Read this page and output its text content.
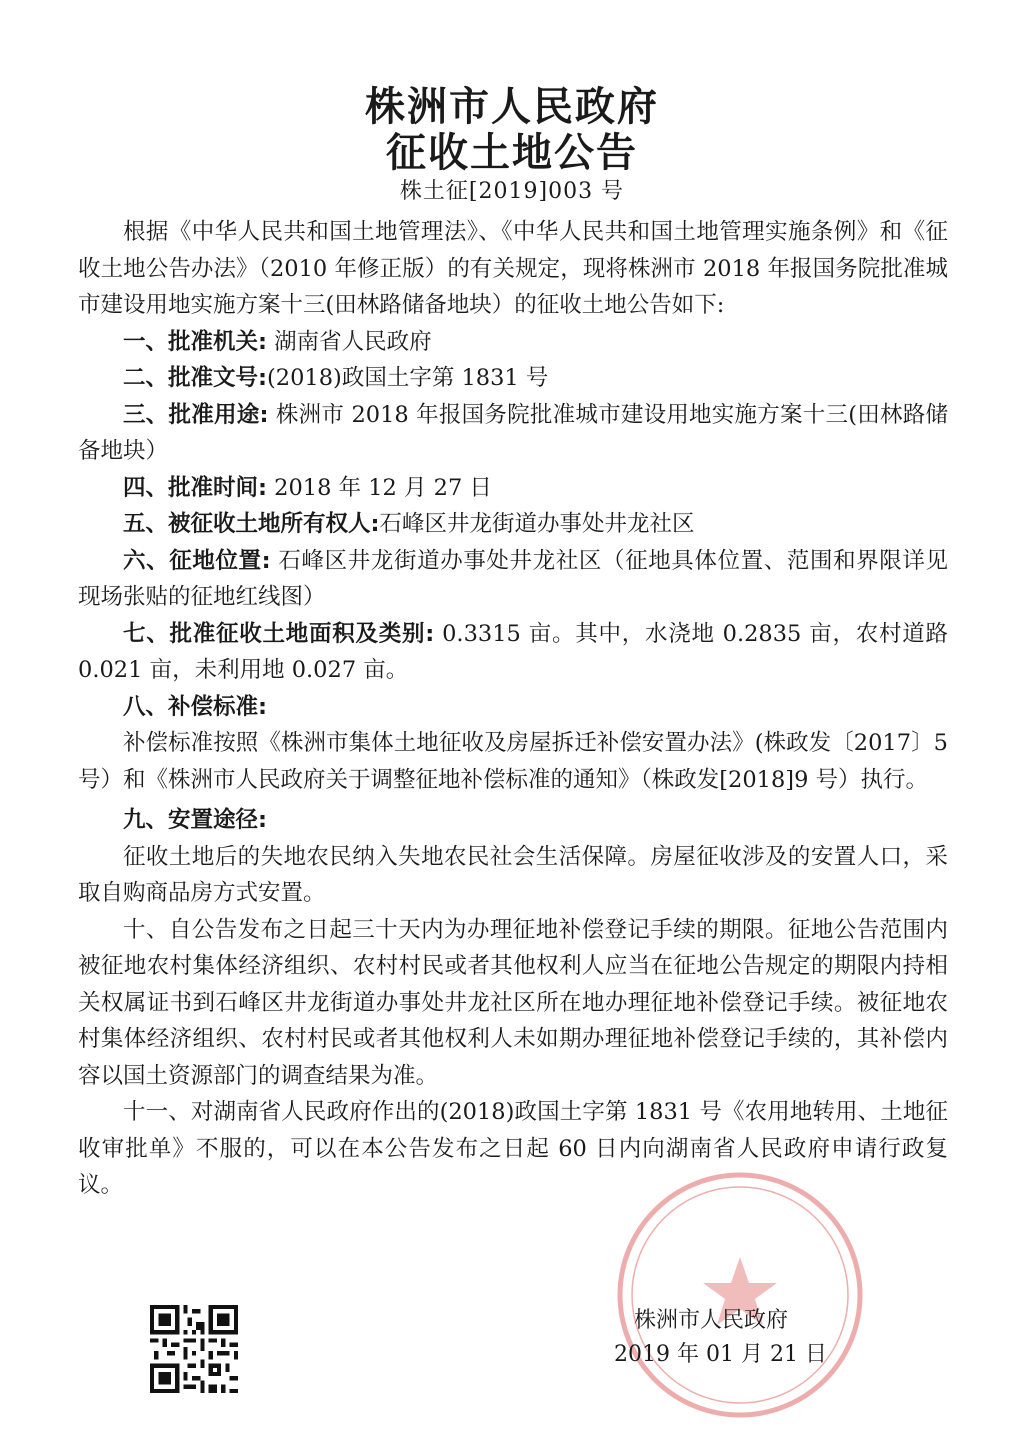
株洲市人民政府
征收土地公告
株土征[2019]003 号

根据《中华人民共和国土地管理法》、《中华人民共和国土地管理实施条例》和《征收土地公告办法》（2010 年修正版）的有关规定，现将株洲市 2018 年报国务院批准城市建设用地实施方案十三(田林路储备地块）的征收土地公告如下:

一、批准机关: 湖南省人民政府

二、批准文号:(2018)政国土字第 1831 号

三、批准用途: 株洲市 2018 年报国务院批准城市建设用地实施方案十三(田林路储备地块）

四、批准时间: 2018 年 12 月 27 日

五、被征收土地所有权人:石峰区井龙街道办事处井龙社区

六、征地位置: 石峰区井龙街道办事处井龙社区（征地具体位置、范围和界限详见现场张贴的征地红线图）

七、批准征收土地面积及类别: 0.3315 亩。其中，水浇地 0.2835 亩，农村道路 0.021 亩，未利用地 0.027 亩。

八、补偿标准:

补偿标准按照《株洲市集体土地征收及房屋拆迁补偿安置办法》(株政发〔2017〕5 号）和《株洲市人民政府关于调整征地补偿标准的通知》（株政发[2018]9 号）执行。

九、安置途径:

征收土地后的失地农民纳入失地农民社会生活保障。房屋征收涉及的安置人口，采取自购商品房方式安置。

十、自公告发布之日起三十天内为办理征地补偿登记手续的期限。征地公告范围内被征地农村集体经济组织、农村村民或者其他权利人应当在征地公告规定的期限内持相关权属证书到石峰区井龙街道办事处井龙社区所在地办理征地补偿登记手续。被征地农村集体经济组织、农村村民或者其他权利人未如期办理征地补偿登记手续的，其补偿内容以国土资源部门的调查结果为准。

十一、对湖南省人民政府作出的(2018)政国土字第 1831 号《农用地转用、土地征收审批单》不服的，可以在本公告发布之日起 60 日内向湖南省人民政府申请行政复议。

株洲市人民政府
2019 年 01 月 21 日
